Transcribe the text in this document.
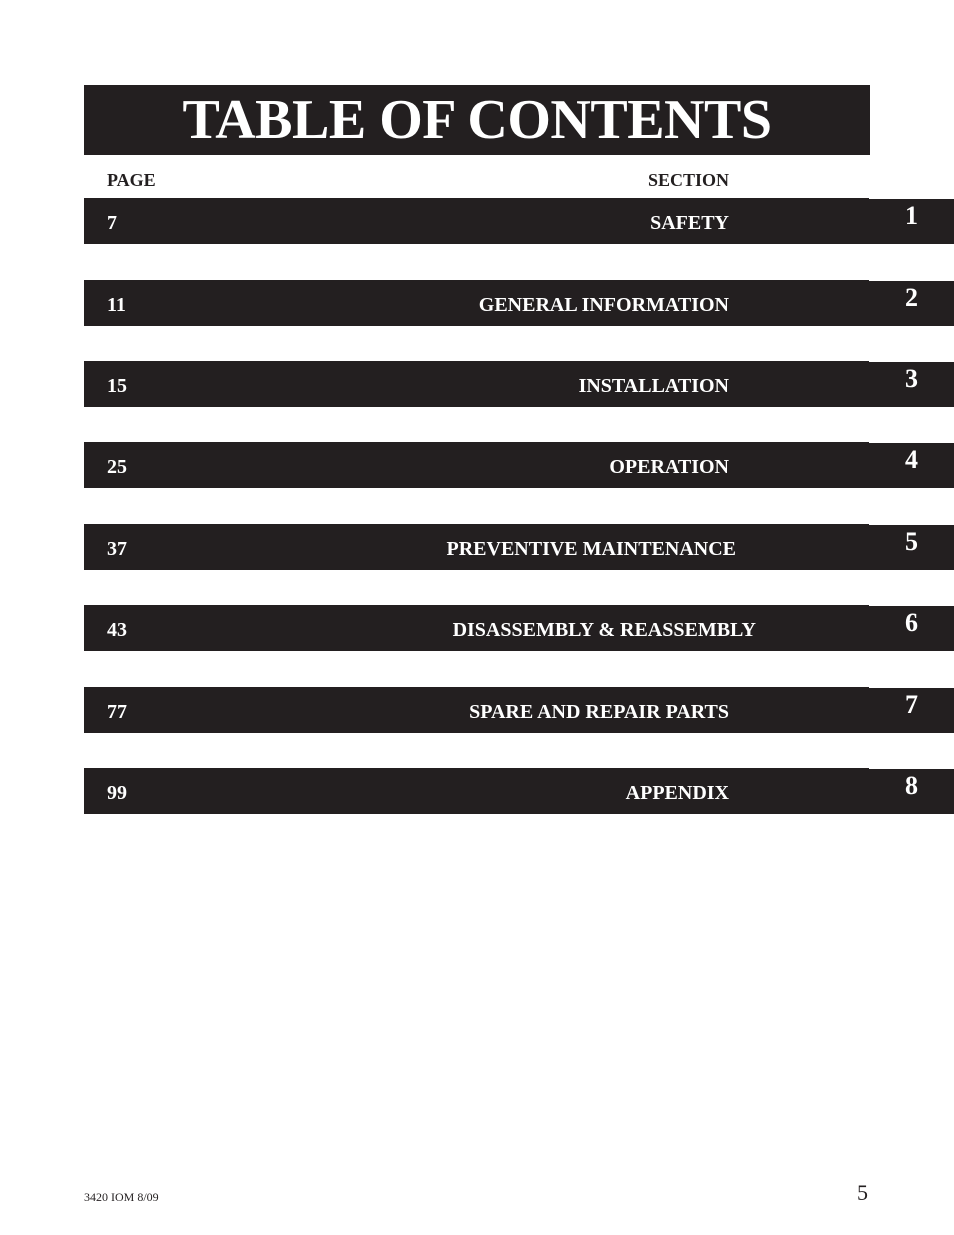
TABLE OF CONTENTS
PAGE	SECTION
7	SAFETY	1
11	GENERAL INFORMATION	2
15	INSTALLATION	3
25	OPERATION	4
37	PREVENTIVE MAINTENANCE	5
43	DISASSEMBLY & REASSEMBLY	6
77	SPARE AND REPAIR PARTS	7
99	APPENDIX	8
3420 IOM 8/09	5
